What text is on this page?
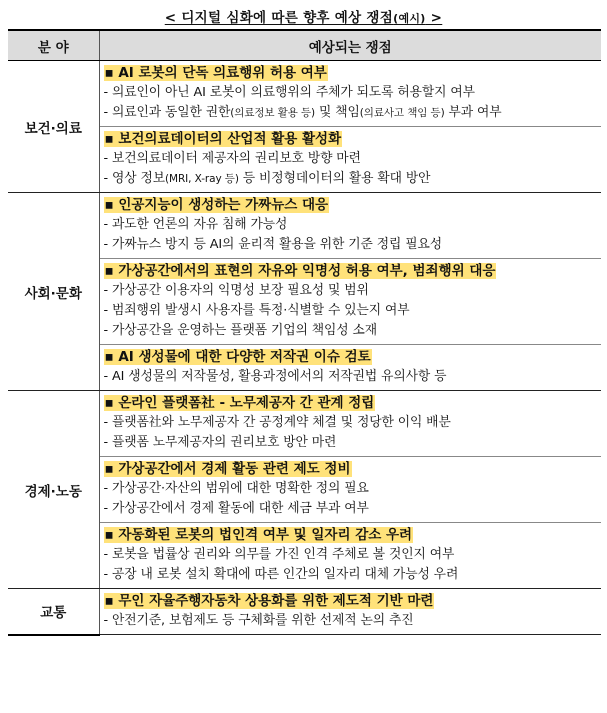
< 디지털 심화에 따른 향후 예상 쟁점(예시) >
분 야	예상되는 쟁점
보건·의료	▪ AI 로봇의 단독 의료행위 허용 여부
- 의료인이 아닌 AI 로봇이 의료행위의 주체가 되도록 허용할지 여부
- 의료인과 동일한 권한(의료정보 활용 등) 및 책임(의료사고 책임 등) 부과 여부

	▪ 보건의료데이터의 산업적 활용 활성화
- 보건의료데이터 제공자의 권리보호 방향 마련
- 영상 정보(MRI, X-ray 등) 등 비정형데이터의 활용 확대 방안

사회·문화	▪ 인공지능이 생성하는 가짜뉴스 대응
- 과도한 언론의 자유 침해 가능성
- 가짜뉴스 방지 등 AI의 윤리적 활용을 위한 기준 정립 필요성

	▪ 가상공간에서의 표현의 자유와 익명성 허용 여부, 범죄행위 대응
- 가상공간 이용자의 익명성 보장 필요성 및 범위
- 범죄행위 발생시 사용자를 특정·식별할 수 있는지 여부
- 가상공간을 운영하는 플랫폼 기업의 책임성 소재

	▪ AI 생성물에 대한 다양한 저작권 이슈 검토
- AI 생성물의 저작물성, 활용과정에서의 저작권법 유의사항 등

경제·노동	▪ 온라인 플랫폼社 - 노무제공자 간 관계 정립
- 플랫폼社와 노무제공자 간 공정계약 체결 및 정당한 이익 배분
- 플랫폼 노무제공자의 권리보호 방안 마련

	▪ 가상공간에서 경제 활동 관련 제도 정비
- 가상공간·자산의 범위에 대한 명확한 정의 필요
- 가상공간에서 경제 활동에 대한 세금 부과 여부

	▪ 자동화된 로봇의 법인격 여부 및 일자리 감소 우려
- 로봇을 법률상 권리와 의무를 가진 인격 주체로 볼 것인지 여부
- 공장 내 로봇 설치 확대에 따른 인간의 일자리 대체 가능성 우려

교통	▪ 무인 자율주행자동차 상용화를 위한 제도적 기반 마련
- 안전기준, 보험제도 등 구체화를 위한 선제적 논의 추진
